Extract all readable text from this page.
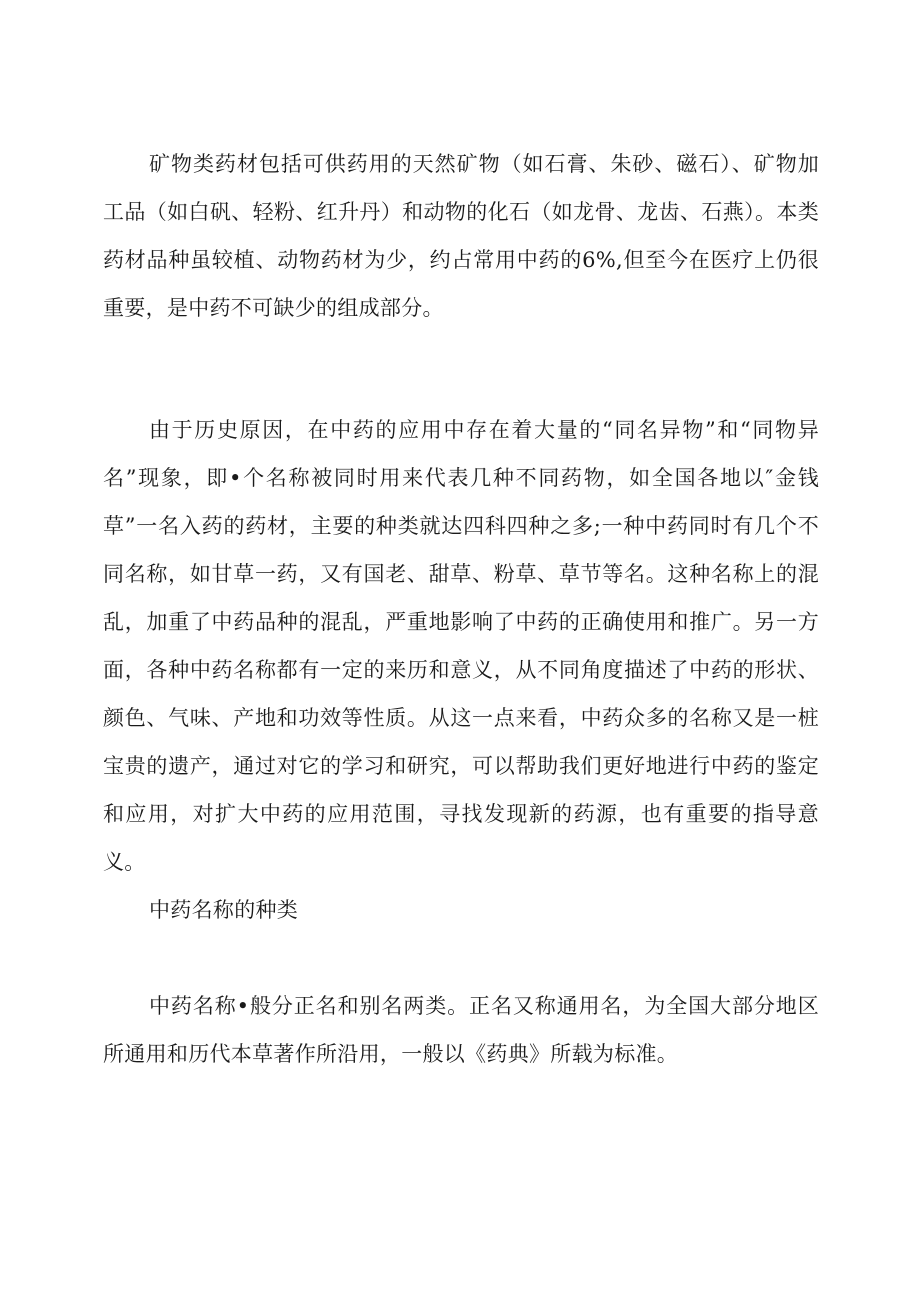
矿物类药材包括可供药用的天然矿物（如石膏、朱砂、磁石）、矿物加工品（如白矾、轻粉、红升丹）和动物的化石（如龙骨、龙齿、石燕）。本类药材品种虽较植、动物药材为少，约占常用中药的6%,但至今在医疗上仍很重要，是中药不可缺少的组成部分。

由于历史原因，在中药的应用中存在着大量的“同名异物”和“同物异名”现象，即•个名称被同时用来代表几种不同药物，如全国各地以″金钱草”一名入药的药材，主要的种类就达四科四种之多;一种中药同时有几个不同名称，如甘草一药，又有国老、甜草、粉草、草节等名。这种名称上的混乱，加重了中药品种的混乱，严重地影响了中药的正确使用和推广。另一方面，各种中药名称都有一定的来历和意义，从不同角度描述了中药的形状、颜色、气味、产地和功效等性质。从这一点来看，中药众多的名称又是一桩宝贵的遗产，通过对它的学习和研究，可以帮助我们更好地进行中药的鉴定和应用，对扩大中药的应用范围，寻找发现新的药源，也有重要的指导意义。

中药名称的种类

中药名称•般分正名和别名两类。正名又称通用名，为全国大部分地区所通用和历代本草著作所沿用，一般以《药典》所载为标准。
